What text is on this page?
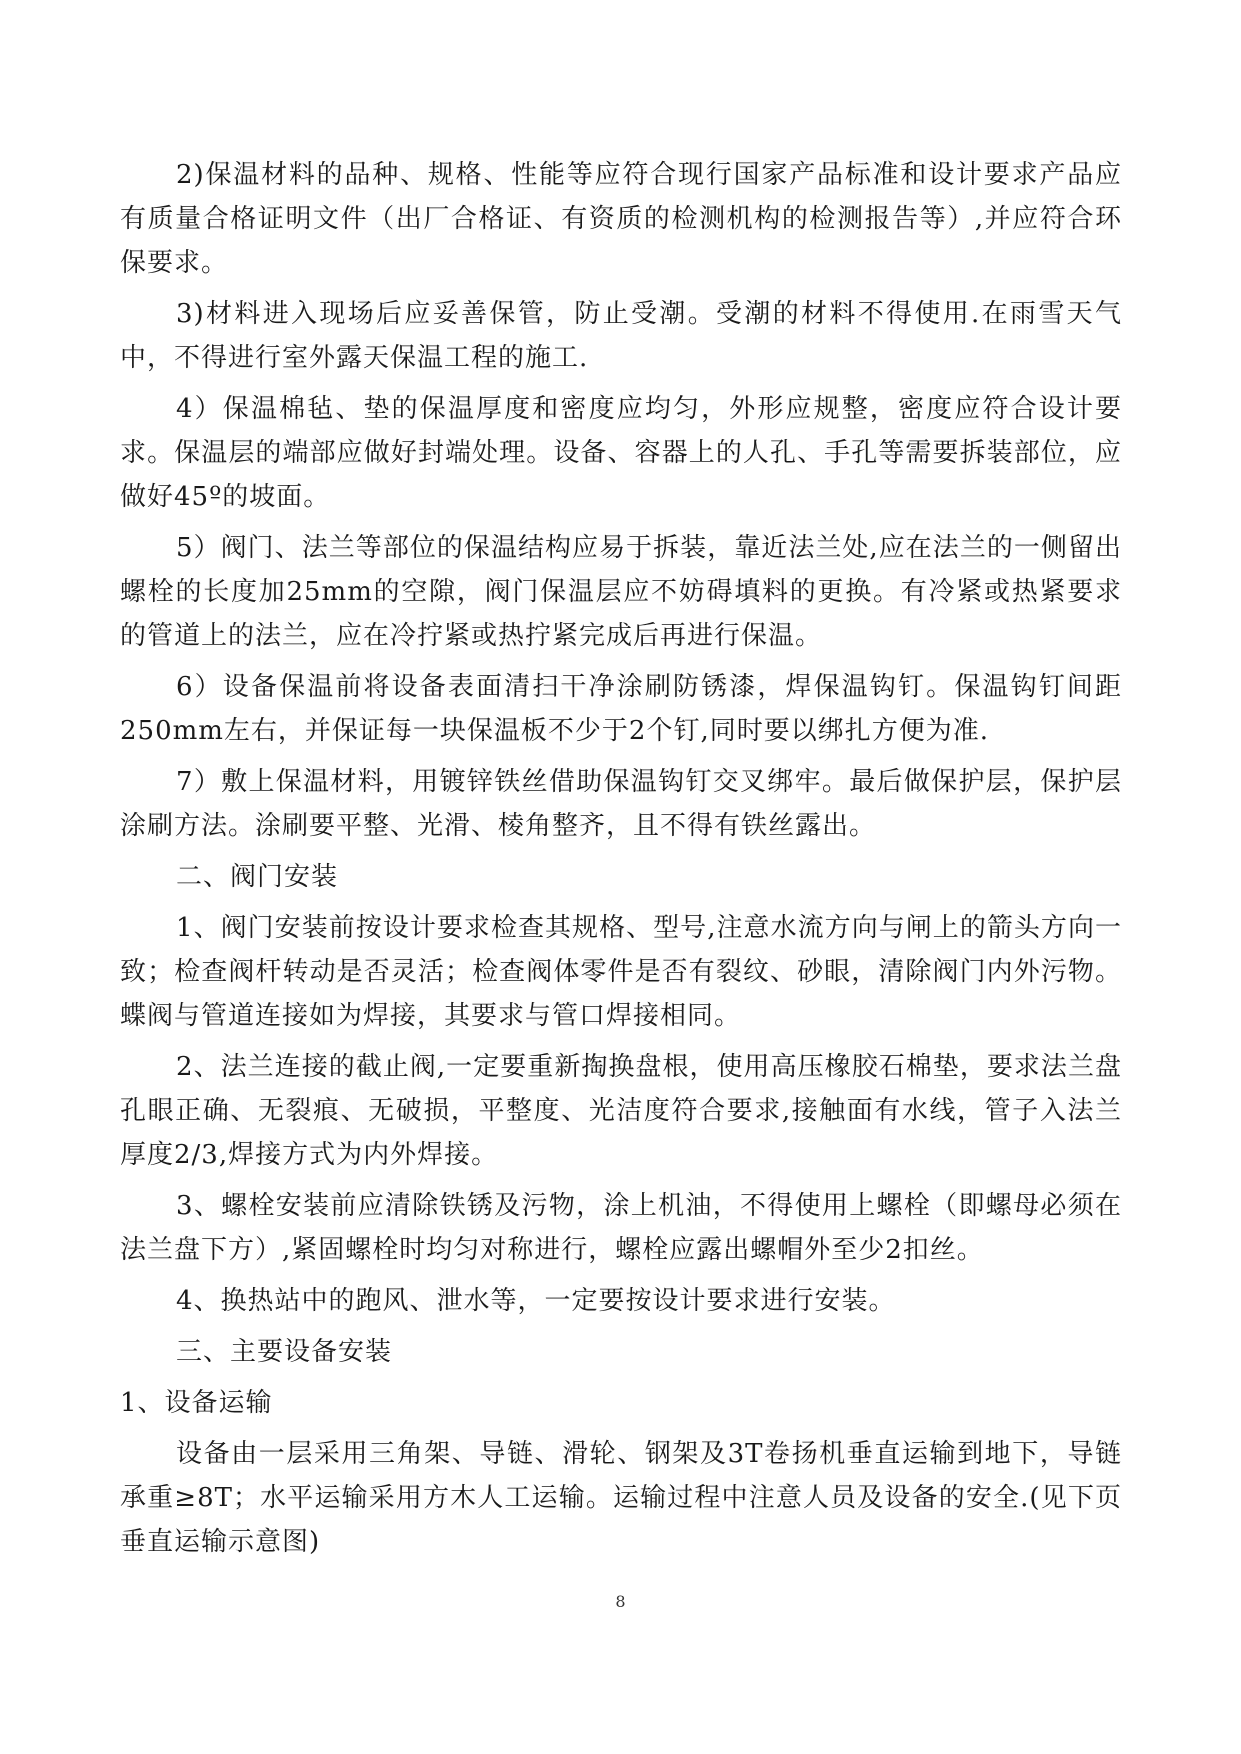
2)保温材料的品种、规格、性能等应符合现行国家产品标准和设计要求产品应有质量合格证明文件（出厂合格证、有资质的检测机构的检测报告等）,并应符合环保要求。

3)材料进入现场后应妥善保管，防止受潮。受潮的材料不得使用.在雨雪天气中，不得进行室外露天保温工程的施工.

4）保温棉毡、垫的保温厚度和密度应均匀，外形应规整，密度应符合设计要求。保温层的端部应做好封端处理。设备、容器上的人孔、手孔等需要拆装部位，应做好45º的坡面。

5）阀门、法兰等部位的保温结构应易于拆装，靠近法兰处,应在法兰的一侧留出螺栓的长度加25mm的空隙，阀门保温层应不妨碍填料的更换。有冷紧或热紧要求的管道上的法兰，应在冷拧紧或热拧紧完成后再进行保温。

6）设备保温前将设备表面清扫干净涂刷防锈漆，焊保温钩钉。保温钩钉间距250mm左右，并保证每一块保温板不少于2个钉,同时要以绑扎方便为准.

7）敷上保温材料，用镀锌铁丝借助保温钩钉交叉绑牢。最后做保护层，保护层涂刷方法。涂刷要平整、光滑、棱角整齐，且不得有铁丝露出。

二、阀门安装

1、阀门安装前按设计要求检查其规格、型号,注意水流方向与闸上的箭头方向一致；检查阀杆转动是否灵活；检查阀体零件是否有裂纹、砂眼，清除阀门内外污物。蝶阀与管道连接如为焊接，其要求与管口焊接相同。

2、法兰连接的截止阀,一定要重新掏换盘根，使用高压橡胶石棉垫，要求法兰盘孔眼正确、无裂痕、无破损，平整度、光洁度符合要求,接触面有水线，管子入法兰厚度2/3,焊接方式为内外焊接。

3、螺栓安装前应清除铁锈及污物，涂上机油，不得使用上螺栓（即螺母必须在法兰盘下方）,紧固螺栓时均匀对称进行，螺栓应露出螺帽外至少2扣丝。

4、换热站中的跑风、泄水等，一定要按设计要求进行安装。

三、主要设备安装

1、设备运输

设备由一层采用三角架、导链、滑轮、钢架及3T卷扬机垂直运输到地下，导链承重≥8T；水平运输采用方木人工运输。运输过程中注意人员及设备的安全.(见下页垂直运输示意图)

8
